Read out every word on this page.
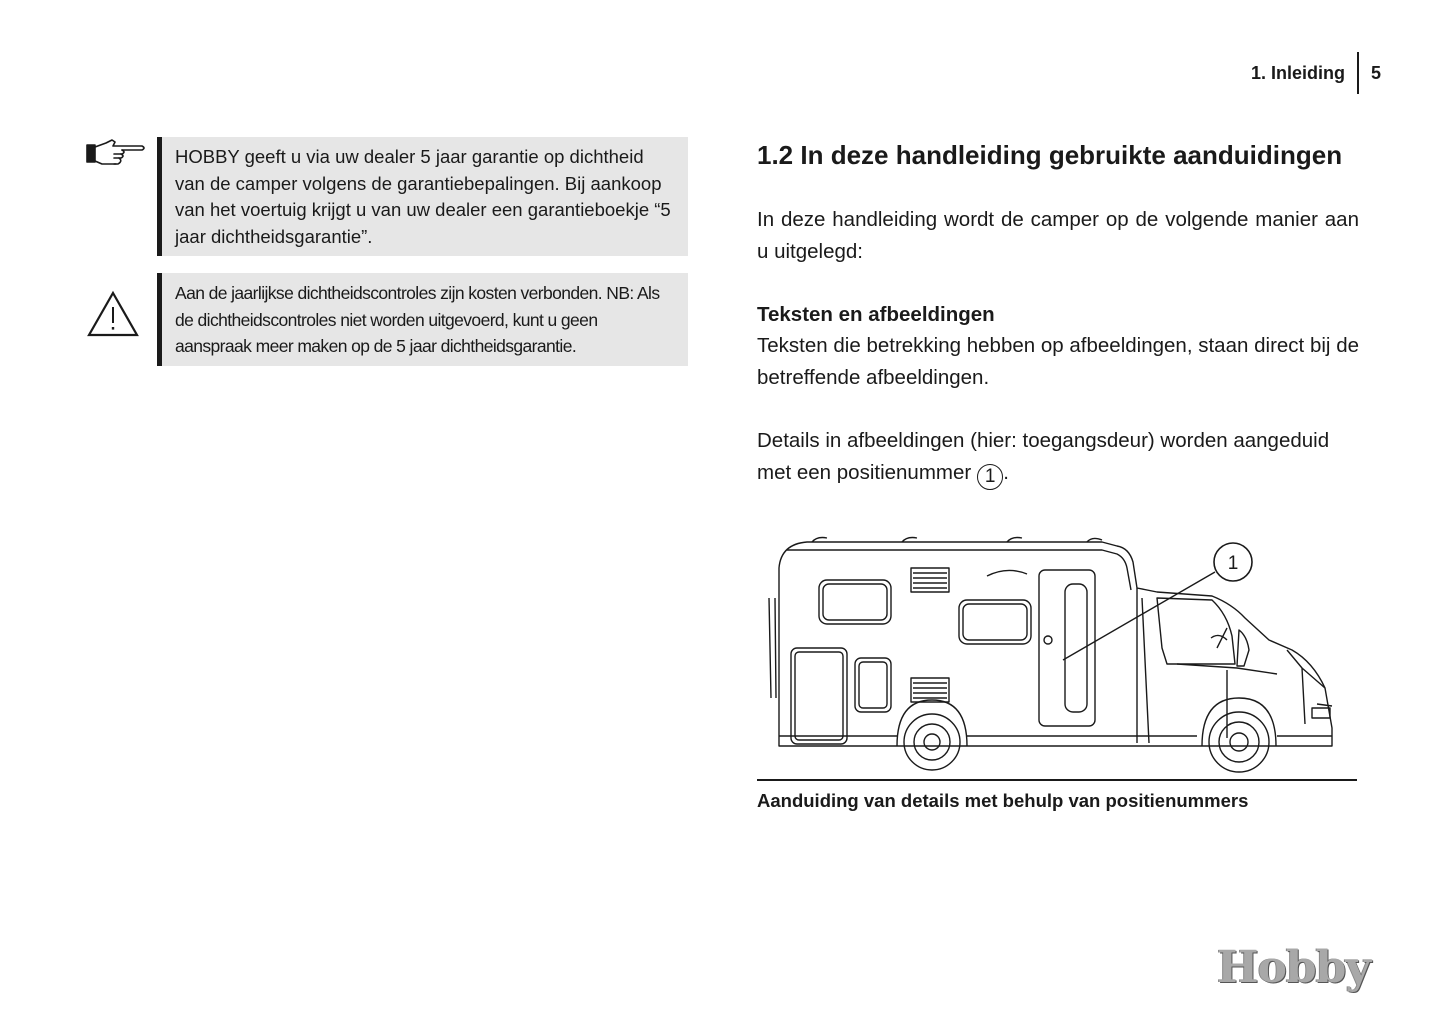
1. Inleiding	5
HOBBY geeft u via uw dealer 5 jaar garantie op dichtheid van de camper volgens de garantiebepalingen. Bij aankoop van het voertuig krijgt u van uw dealer een garantieboekje “5 jaar dichtheidsgarantie”.
Aan de jaarlijkse dichtheidscontroles zijn kosten verbonden. NB: Als de dichtheidscontroles niet worden uitgevoerd, kunt u geen aanspraak meer maken op de 5 jaar dichtheidsgarantie.
1.2 In deze handleiding gebruikte aanduidingen

In deze handleiding wordt de camper op de volgende manier aan u uitgelegd:

Teksten en afbeeldingen

Teksten die betrekking hebben op afbeeldingen, staan direct bij de betreffende afbeeldingen.

Details in afbeeldingen (hier: toegangsdeur) worden aangeduid met een positienummer 1 .

1
Aanduiding van details met behulp van positienummers
Hobby
